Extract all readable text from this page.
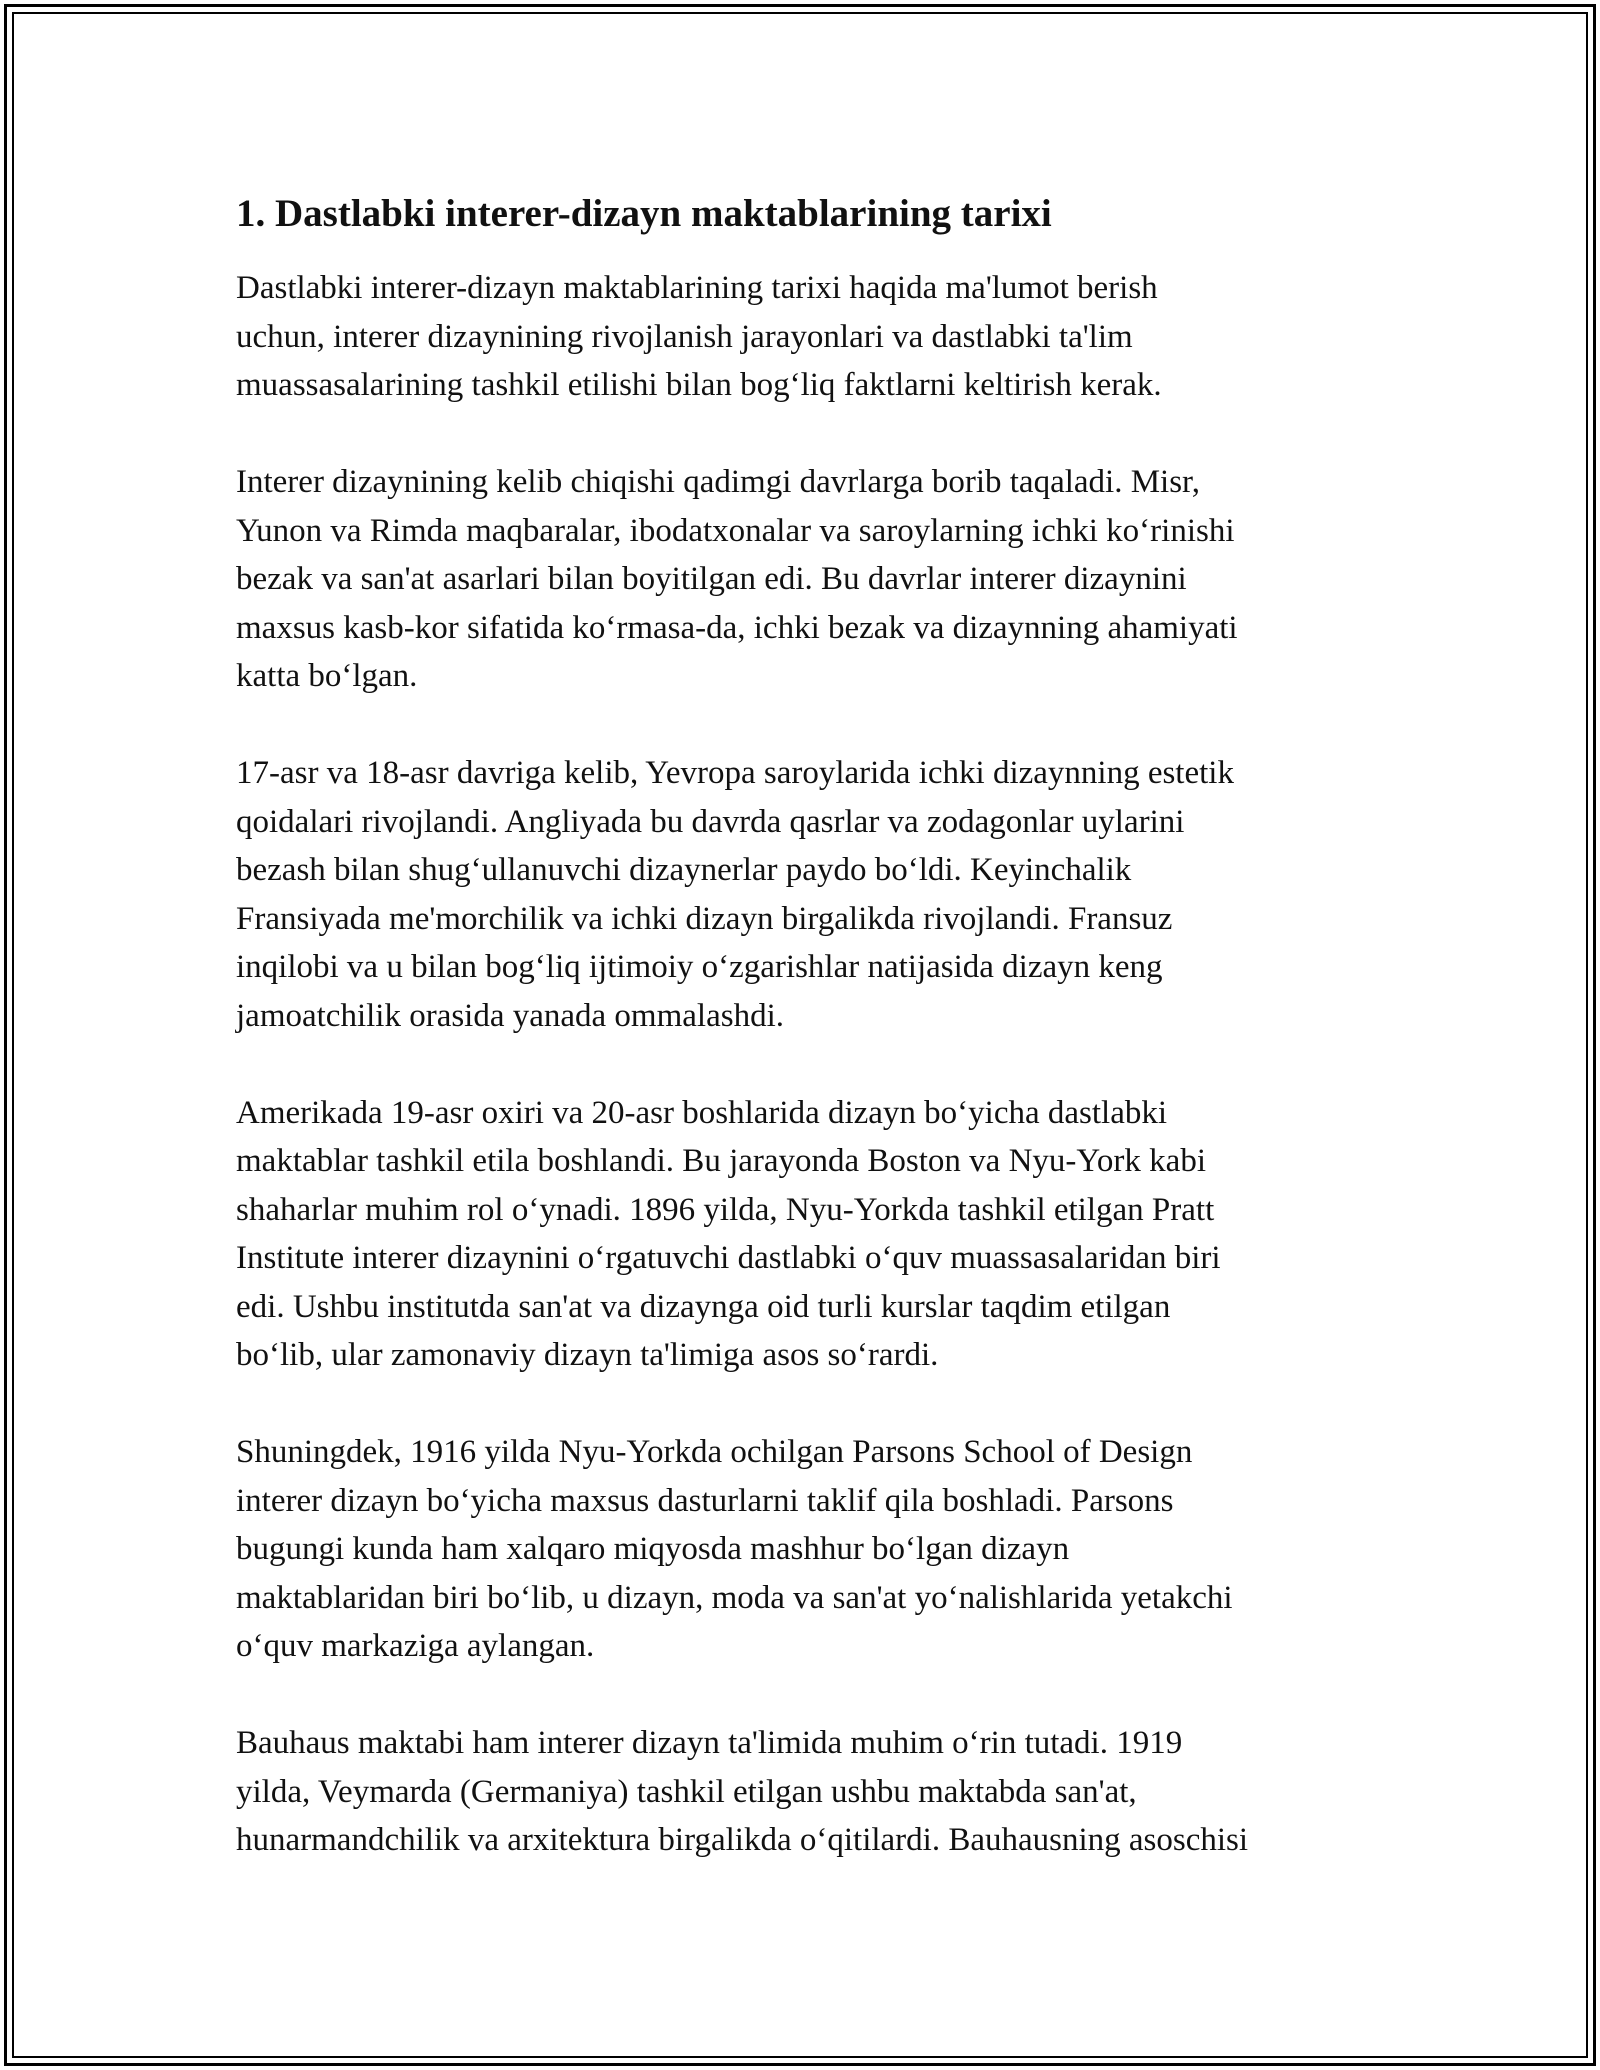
1. Dastlabki interer-dizayn maktablarining tarixi

Dastlabki interer-dizayn maktablarining tarixi haqida ma'lumot berish
uchun, interer dizaynining rivojlanish jarayonlari va dastlabki ta'lim
muassasalarining tashkil etilishi bilan bog‘liq faktlarni keltirish kerak.

Interer dizaynining kelib chiqishi qadimgi davrlarga borib taqaladi. Misr,
Yunon va Rimda maqbaralar, ibodatxonalar va saroylarning ichki ko‘rinishi
bezak va san'at asarlari bilan boyitilgan edi. Bu davrlar interer dizaynini
maxsus kasb-kor sifatida ko‘rmasa-da, ichki bezak va dizaynning ahamiyati
katta bo‘lgan.

17-asr va 18-asr davriga kelib, Yevropa saroylarida ichki dizaynning estetik
qoidalari rivojlandi. Angliyada bu davrda qasrlar va zodagonlar uylarini
bezash bilan shug‘ullanuvchi dizaynerlar paydo bo‘ldi. Keyinchalik
Fransiyada me'morchilik va ichki dizayn birgalikda rivojlandi. Fransuz
inqilobi va u bilan bog‘liq ijtimoiy o‘zgarishlar natijasida dizayn keng
jamoatchilik orasida yanada ommalashdi.

Amerikada 19-asr oxiri va 20-asr boshlarida dizayn bo‘yicha dastlabki
maktablar tashkil etila boshlandi. Bu jarayonda Boston va Nyu-York kabi
shaharlar muhim rol o‘ynadi. 1896 yilda, Nyu-Yorkda tashkil etilgan Pratt
Institute interer dizaynini o‘rgatuvchi dastlabki o‘quv muassasalaridan biri
edi. Ushbu institutda san'at va dizaynga oid turli kurslar taqdim etilgan
bo‘lib, ular zamonaviy dizayn ta'limiga asos so‘rardi.

Shuningdek, 1916 yilda Nyu-Yorkda ochilgan Parsons School of Design
interer dizayn bo‘yicha maxsus dasturlarni taklif qila boshladi. Parsons
bugungi kunda ham xalqaro miqyosda mashhur bo‘lgan dizayn
maktablaridan biri bo‘lib, u dizayn, moda va san'at yo‘nalishlarida yetakchi
o‘quv markaziga aylangan.

Bauhaus maktabi ham interer dizayn ta'limida muhim o‘rin tutadi. 1919
yilda, Veymarda (Germaniya) tashkil etilgan ushbu maktabda san'at,
hunarmandchilik va arxitektura birgalikda o‘qitilardi. Bauhausning asoschisi
